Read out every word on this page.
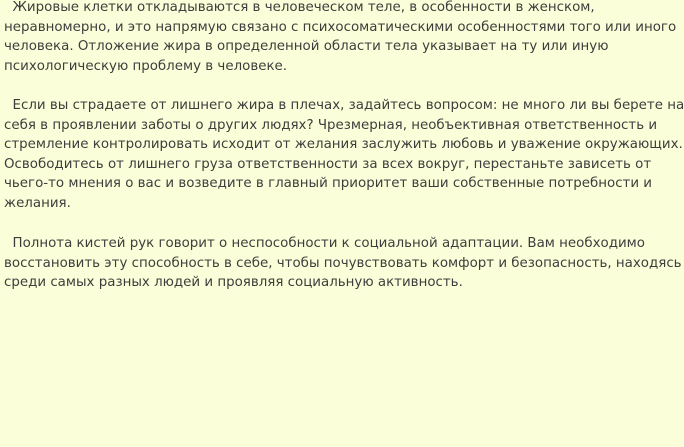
Жировые клетки откладываются в человеческом теле, в особенности в женском,
неравномерно, и это напрямую связано с психосоматическими особенностями того или иного
человека. Отложение жира в определенной области тела указывает на ту или иную
психологическую проблему в человеке.

Если вы страдаете от лишнего жира в плечах, задайтесь вопросом: не много ли вы берете на
себя в проявлении заботы о других людях? Чрезмерная, необъективная ответственность и
стремление контролировать исходит от желания заслужить любовь и уважение окружающих.
Освободитесь от лишнего груза ответственности за всех вокруг, перестаньте зависеть от
чьего-то мнения о вас и возведите в главный приоритет ваши собственные потребности и
желания.

Полнота кистей рук говорит о неспособности к социальной адаптации. Вам необходимо
восстановить эту способность в себе, чтобы почувствовать комфорт и безопасность, находясь
среди самых разных людей и проявляя социальную активность.
